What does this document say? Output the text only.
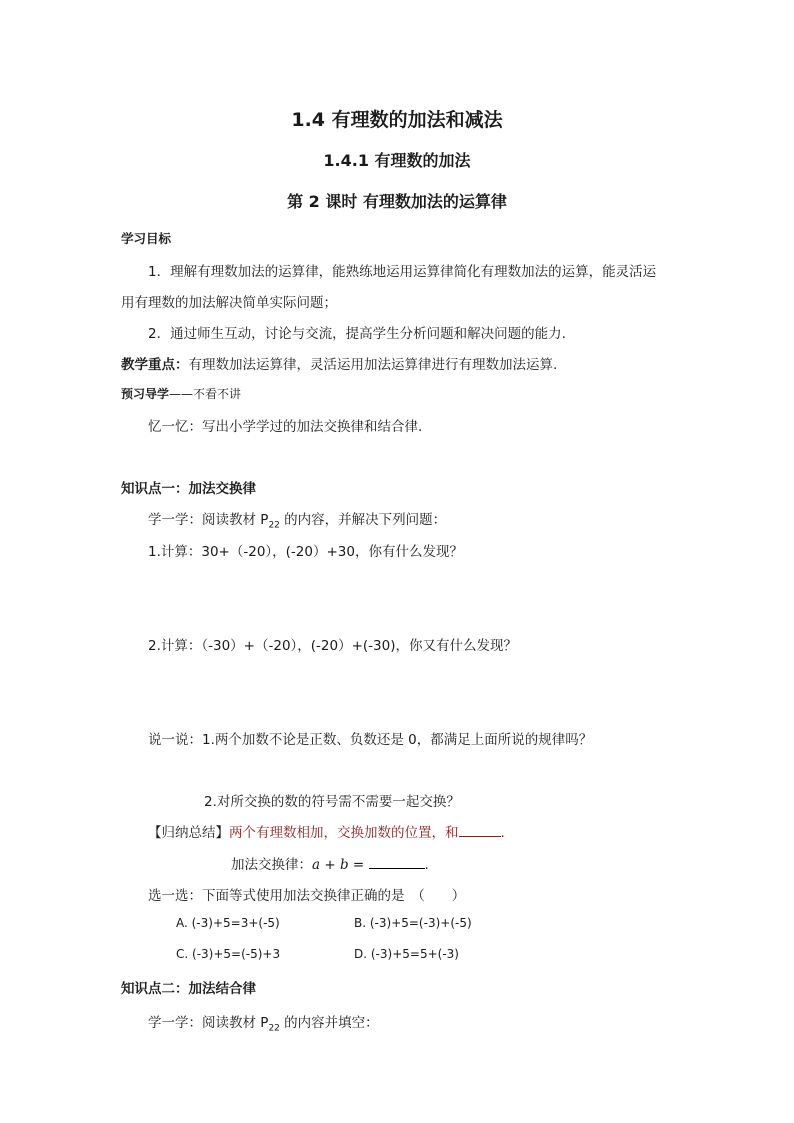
1.4 有理数的加法和减法
1.4.1 有理数的加法
第 2 课时 有理数加法的运算律
学习目标
1．理解有理数加法的运算律，能熟练地运用运算律简化有理数加法的运算，能灵活运
用有理数的加法解决简单实际问题；
2．通过师生互动，讨论与交流，提高学生分析问题和解决问题的能力.
教学重点：有理数加法运算律，灵活运用加法运算律进行有理数加法运算.
预习导学——不看不讲
忆一忆：写出小学学过的加法交换律和结合律.
知识点一：加法交换律
学一学：阅读教材 $P_{22}$ 的内容，并解决下列问题：
1.计算：30+（-20），(-20）+30，你有什么发现？
2.计算：（-30）+（-20），(-20）+(-30)，你又有什么发现？
说一说：1.两个加数不论是正数、负数还是 0，都满足上面所说的规律吗？
2.对所交换的数的符号需不需要一起交换？
【归纳总结】两个有理数相加，交换加数的位置，和	.
加法交换律：a + b =	.
选一选：下面等式使用加法交换律正确的是　（　　）
A. (-3)+5=3+(-5)	B. (-3)+5=(-3)+(-5)
C. (-3)+5=(-5)+3	D. (-3)+5=5+(-3)
知识点二：加法结合律
学一学：阅读教材 $P_{22}$ 的内容并填空：
